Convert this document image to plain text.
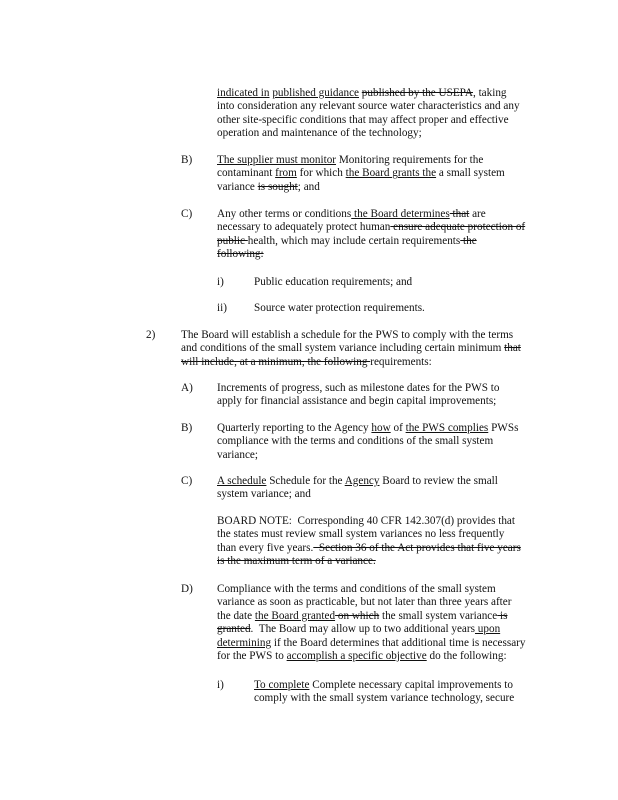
indicated in published guidance published by the USEPA, taking
into consideration any relevant source water characteristics and any
other site-specific conditions that may affect proper and effective
operation and maintenance of the technology;
B) The supplier must monitor Monitoring requirements for the
contaminant from for which the Board grants the a small system
variance is sought; and
C) Any other terms or conditions the Board determines that are
necessary to adequately protect human ensure adequate protection of
public health, which may include certain requirements the
following:
i)	Public education requirements; and
ii) Source water protection requirements.
2) The Board will establish a schedule for the PWS to comply with the terms
and conditions of the small system variance including certain minimum that
will include, at a minimum, the following requirements:
A) Increments of progress, such as milestone dates for the PWS to
apply for financial assistance and begin capital improvements;
B) Quarterly reporting to the Agency how of the PWS complies PWSs
compliance with the terms and conditions of the small system
variance;
C) A schedule Schedule for the Agency Board to review the small
system variance; and
BOARD NOTE:  Corresponding 40 CFR 142.307(d) provides that
the states must review small system variances no less frequently
than every five years.  Section 36 of the Act provides that five years
is the maximum term of a variance.
D) Compliance with the terms and conditions of the small system
variance as soon as practicable, but not later than three years after
the date the Board granted on which the small system variance is
granted.  The Board may allow up to two additional years upon
determining if the Board determines that additional time is necessary
for the PWS to accomplish a specific objective do the following:
i)	To complete Complete necessary capital improvements to
comply with the small system variance technology, secure
